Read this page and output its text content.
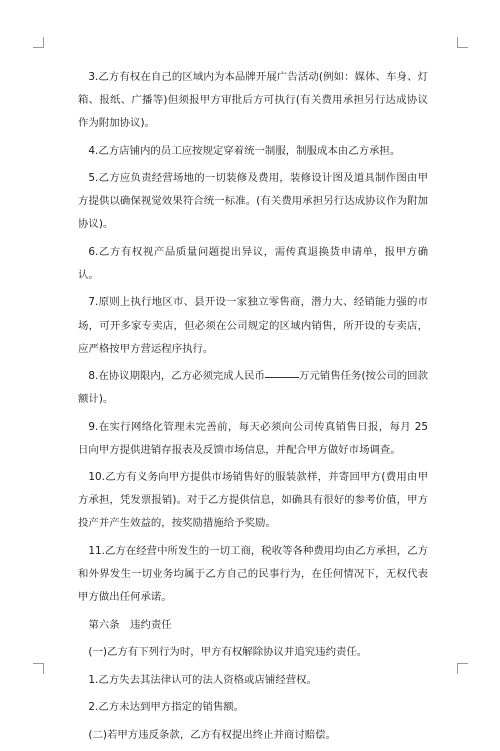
3.乙方有权在自己的区域内为本品牌开展广告活动(例如：媒体、车身、灯箱、报纸、广播等)但须报甲方审批后方可执行(有关费用承担另行达成协议作为附加协议)。

4.乙方店铺内的员工应按规定穿着统一制服，制服成本由乙方承担。

5.乙方应负责经营场地的一切装修及费用，装修设计图及道具制作图由甲方提供以确保视觉效果符合统一标准。(有关费用承担另行达成协议作为附加协议)。

6.乙方有权视产品质量问题提出异议，需传真退换货申请单，报甲方确认。

7.原则上执行地区市、县开设一家独立零售商，潜力大、经销能力强的市场，可开多家专卖店，但必须在公司规定的区域内销售，所开设的专卖店，应严格按甲方营运程序执行。

8.在协议期限内，乙方必须完成人民币	万元销售任务(按公司的回款额计)。

9.在实行网络化管理未完善前，每天必须向公司传真销售日报，每月 25 日向甲方提供进销存报表及反馈市场信息，并配合甲方做好市场调查。

10.乙方有义务向甲方提供市场销售好的服装款样，并寄回甲方(费用由甲方承担，凭发票报销)。对于乙方提供信息，如确具有很好的参考价值，甲方投产并产生效益的，按奖励措施给予奖励。

11.乙方在经营中所发生的一切工商，税收等各种费用均由乙方承担，乙方和外界发生一切业务均属于乙方自己的民事行为，在任何情况下，无权代表甲方做出任何承诺。

第六条　违约责任

(一)乙方有下列行为时，甲方有权解除协议并追究违约责任。

1.乙方失去其法律认可的法人资格或店铺经营权。

2.乙方未达到甲方指定的销售额。

(二)若甲方违反条款，乙方有权提出终止并商讨赔偿。
